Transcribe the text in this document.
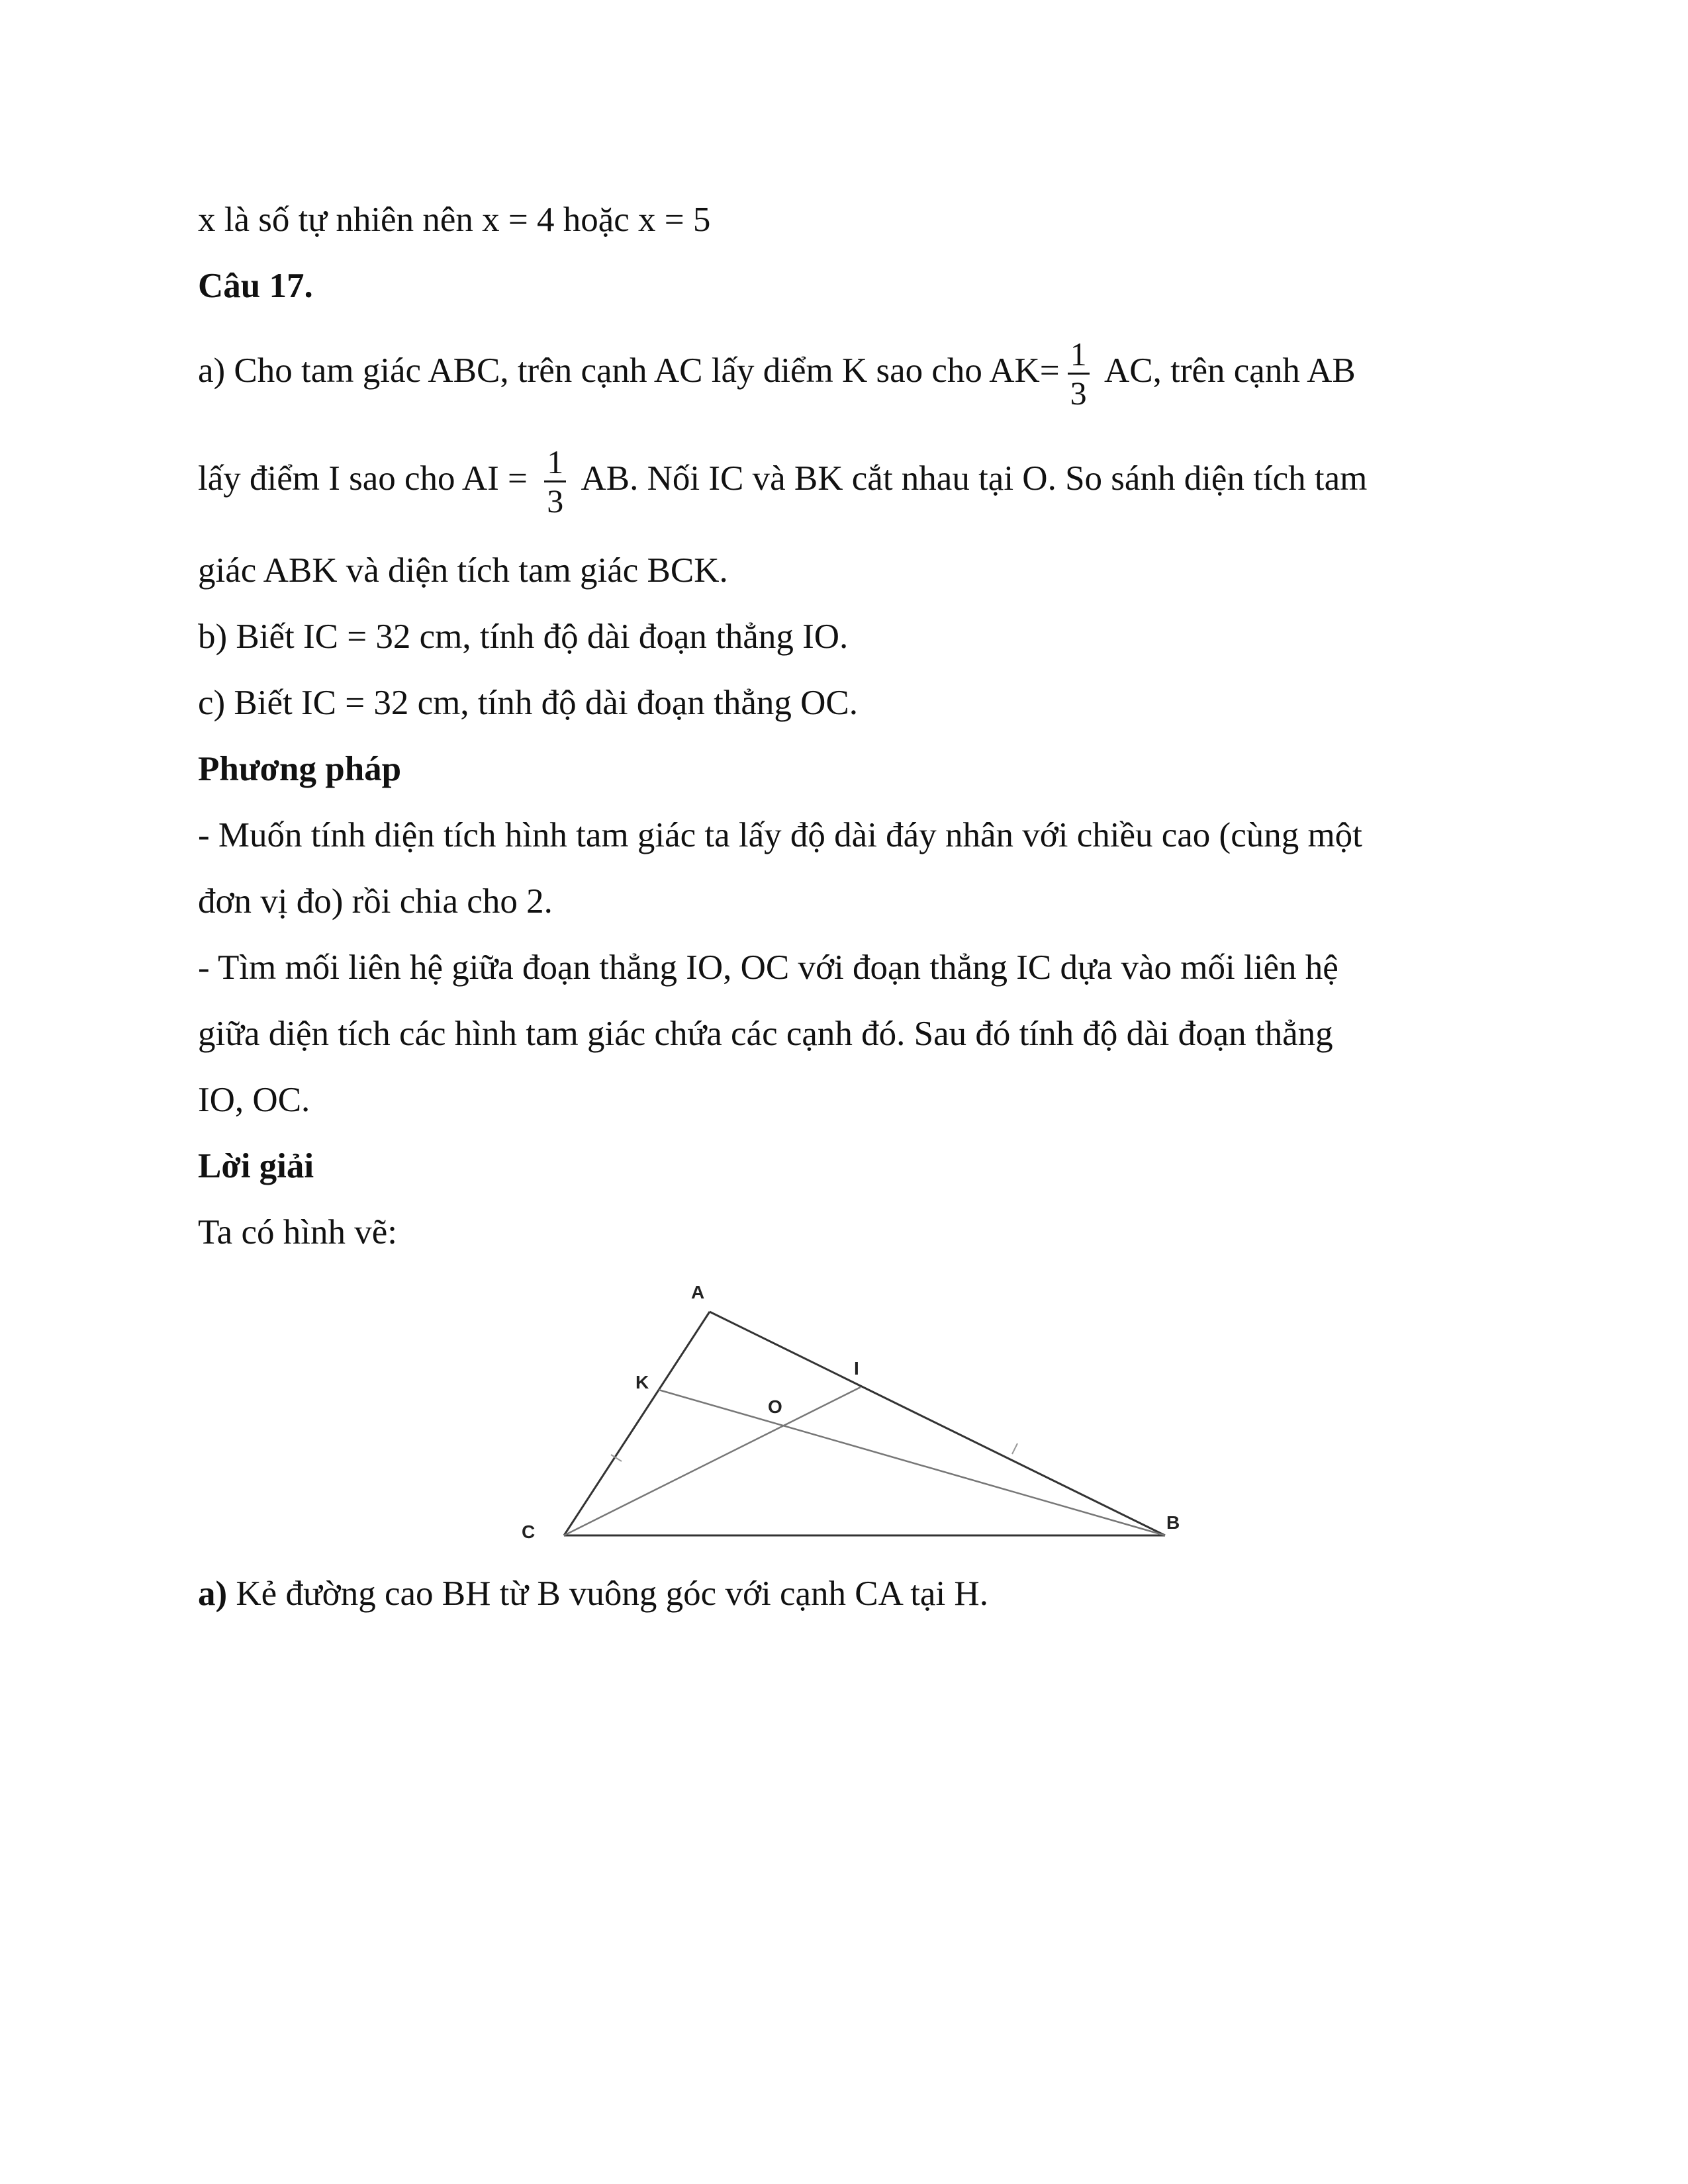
x là số tự nhiên nên x = 4 hoặc x = 5
Câu 17.
a) Cho tam giác ABC, trên cạnh AC lấy diểm K sao cho $AK= \frac{1}{3}$ AC, trên cạnh AB
lấy điểm I sao cho AI = $\frac{1}{3}$ AB. Nối IC và BK cắt nhau tại O. So sánh diện tích tam
giác ABK và diện tích tam giác BCK.
b) Biết IC = 32 cm, tính độ dài đoạn thẳng IO.
c) Biết IC = 32 cm, tính độ dài đoạn thẳng OC.
Phương pháp
- Muốn tính diện tích hình tam giác ta lấy độ dài đáy nhân với chiều cao (cùng một
đơn vị đo) rồi chia cho 2.
- Tìm mối liên hệ giữa đoạn thẳng IO, OC với đoạn thẳng IC dựa vào mối liên hệ
giữa diện tích các hình tam giác chứa các cạnh đó. Sau đó tính độ dài đoạn thẳng
IO, OC.
Lời giải
Ta có hình vẽ:
A
K
I
O
C	B
a) Kẻ đường cao BH từ B vuông góc với cạnh CA tại H.
